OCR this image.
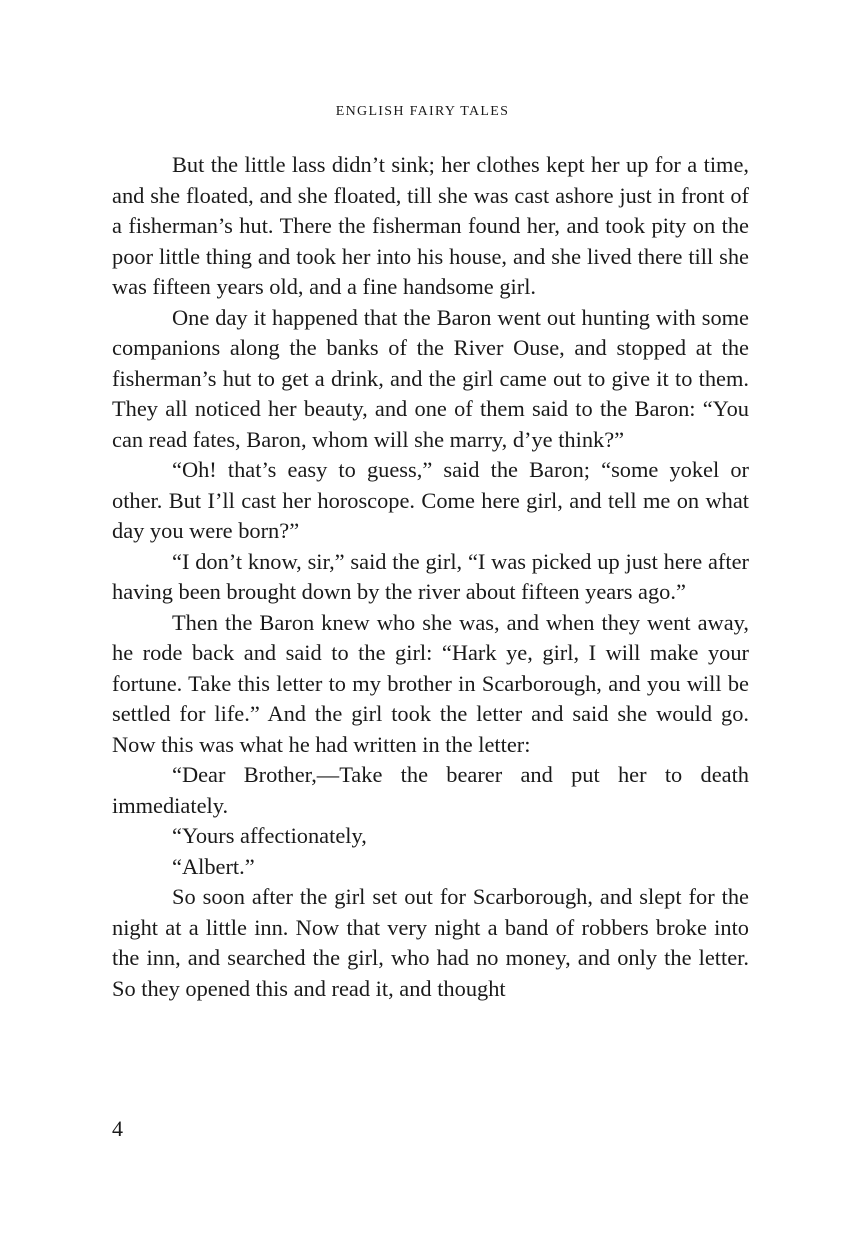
ENGLISH FAIRY TALES

But the little lass didn’t sink; her clothes kept her up for a time, and she floated, and she floated, till she was cast ashore just in front of a fisherman’s hut. There the fisherman found her, and took pity on the poor little thing and took her into his house, and she lived there till she was fifteen years old, and a fine handsome girl.

One day it happened that the Baron went out hunting with some companions along the banks of the River Ouse, and stopped at the fisherman’s hut to get a drink, and the girl came out to give it to them. They all noticed her beauty, and one of them said to the Baron: “You can read fates, Baron, whom will she marry, d’ye think?”

“Oh! that’s easy to guess,” said the Baron; “some yokel or other. But I’ll cast her horoscope. Come here girl, and tell me on what day you were born?”

“I don’t know, sir,” said the girl, “I was picked up just here after having been brought down by the river about fifteen years ago.”

Then the Baron knew who she was, and when they went away, he rode back and said to the girl: “Hark ye, girl, I will make your fortune. Take this letter to my brother in Scarborough, and you will be settled for life.” And the girl took the letter and said she would go. Now this was what he had written in the letter:

“Dear Brother,—Take the bearer and put her to death immediately.

“Yours affectionately,

“Albert.”

So soon after the girl set out for Scarborough, and slept for the night at a little inn. Now that very night a band of robbers broke into the inn, and searched the girl, who had no money, and only the letter. So they opened this and read it, and thought

4
